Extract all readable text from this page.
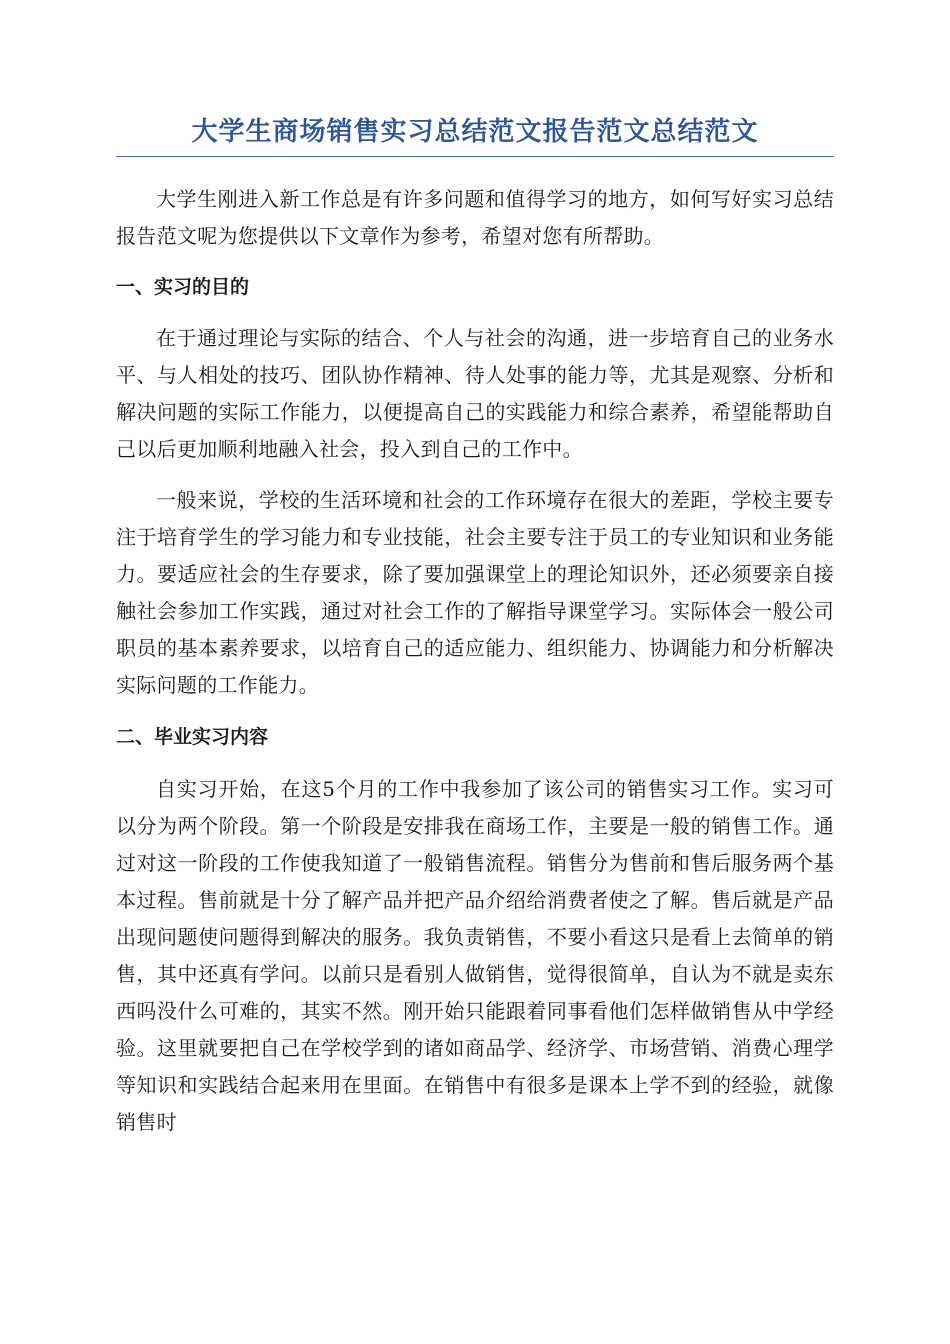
大学生商场销售实习总结范文报告范文总结范文

大学生刚进入新工作总是有许多问题和值得学习的地方，如何写好实习总结报告范文呢为您提供以下文章作为参考，希望对您有所帮助。

一、实习的目的

在于通过理论与实际的结合、个人与社会的沟通，进一步培育自己的业务水平、与人相处的技巧、团队协作精神、待人处事的能力等，尤其是观察、分析和解决问题的实际工作能力，以便提高自己的实践能力和综合素养，希望能帮助自己以后更加顺利地融入社会，投入到自己的工作中。

一般来说，学校的生活环境和社会的工作环境存在很大的差距，学校主要专注于培育学生的学习能力和专业技能，社会主要专注于员工的专业知识和业务能力。要适应社会的生存要求，除了要加强课堂上的理论知识外，还必须要亲自接触社会参加工作实践，通过对社会工作的了解指导课堂学习。实际体会一般公司职员的基本素养要求，以培育自己的适应能力、组织能力、协调能力和分析解决实际问题的工作能力。

二、毕业实习内容

自实习开始，在这5个月的工作中我参加了该公司的销售实习工作。实习可以分为两个阶段。第一个阶段是安排我在商场工作，主要是一般的销售工作。通过对这一阶段的工作使我知道了一般销售流程。销售分为售前和售后服务两个基本过程。售前就是十分了解产品并把产品介绍给消费者使之了解。售后就是产品出现问题使问题得到解决的服务。我负责销售，不要小看这只是看上去简单的销售，其中还真有学问。以前只是看别人做销售，觉得很简单，自认为不就是卖东西吗没什么可难的，其实不然。刚开始只能跟着同事看他们怎样做销售从中学经验。这里就要把自己在学校学到的诸如商品学、经济学、市场营销、消费心理学等知识和实践结合起来用在里面。在销售中有很多是课本上学不到的经验，就像销售时
